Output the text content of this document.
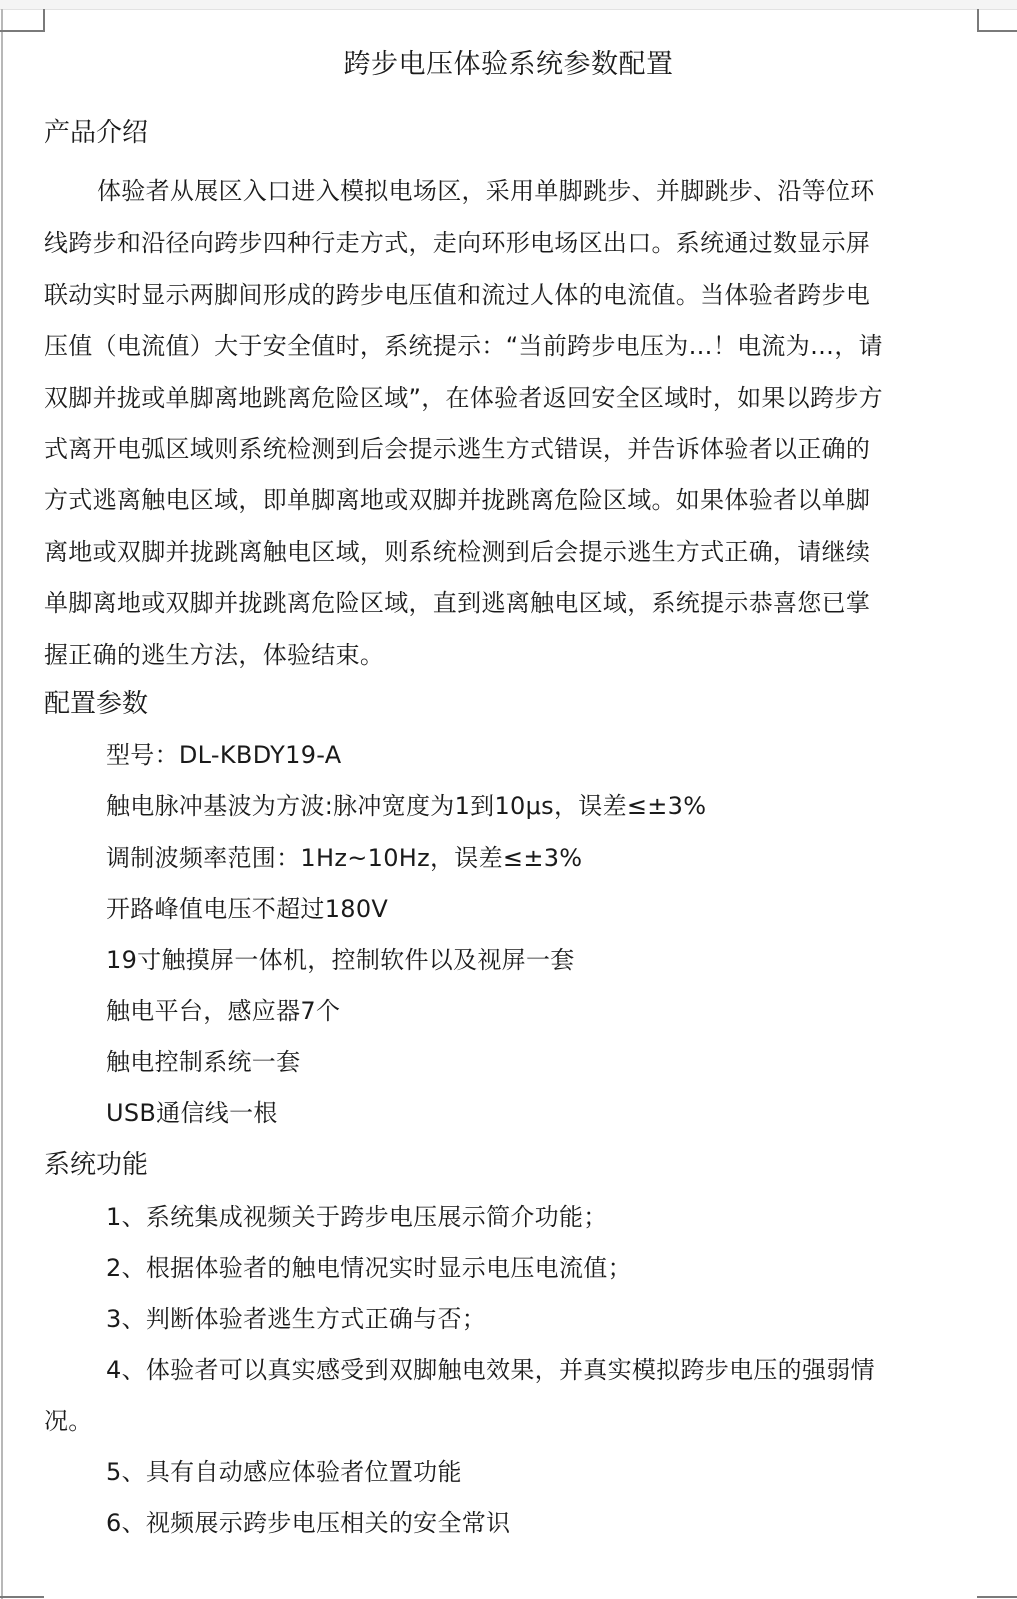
跨步电压体验系统参数配置
产品介绍
体验者从展区入口进入模拟电场区，采用单脚跳步、并脚跳步、沿等位环
线跨步和沿径向跨步四种行走方式，走向环形电场区出口。系统通过数显示屏
联动实时显示两脚间形成的跨步电压值和流过人体的电流值。当体验者跨步电
压值（电流值）大于安全值时，系统提示：“当前跨步电压为…！电流为…，请
双脚并拢或单脚离地跳离危险区域”，在体验者返回安全区域时，如果以跨步方
式离开电弧区域则系统检测到后会提示逃生方式错误，并告诉体验者以正确的
方式逃离触电区域，即单脚离地或双脚并拢跳离危险区域。如果体验者以单脚
离地或双脚并拢跳离触电区域，则系统检测到后会提示逃生方式正确，请继续
单脚离地或双脚并拢跳离危险区域，直到逃离触电区域，系统提示恭喜您已掌
握正确的逃生方法，体验结束。
配置参数
型号：DL-KBDY19-A
触电脉冲基波为方波:脉冲宽度为1到10μs，误差≤±3%
调制波频率范围：1Hz~10Hz，误差≤±3%
开路峰值电压不超过180V
19寸触摸屏一体机，控制软件以及视屏一套
触电平台，感应器7个
触电控制系统一套
USB通信线一根
系统功能
1、系统集成视频关于跨步电压展示简介功能；
2、根据体验者的触电情况实时显示电压电流值；
3、判断体验者逃生方式正确与否；
4、体验者可以真实感受到双脚触电效果，并真实模拟跨步电压的强弱情
况。
5、具有自动感应体验者位置功能
6、视频展示跨步电压相关的安全常识
